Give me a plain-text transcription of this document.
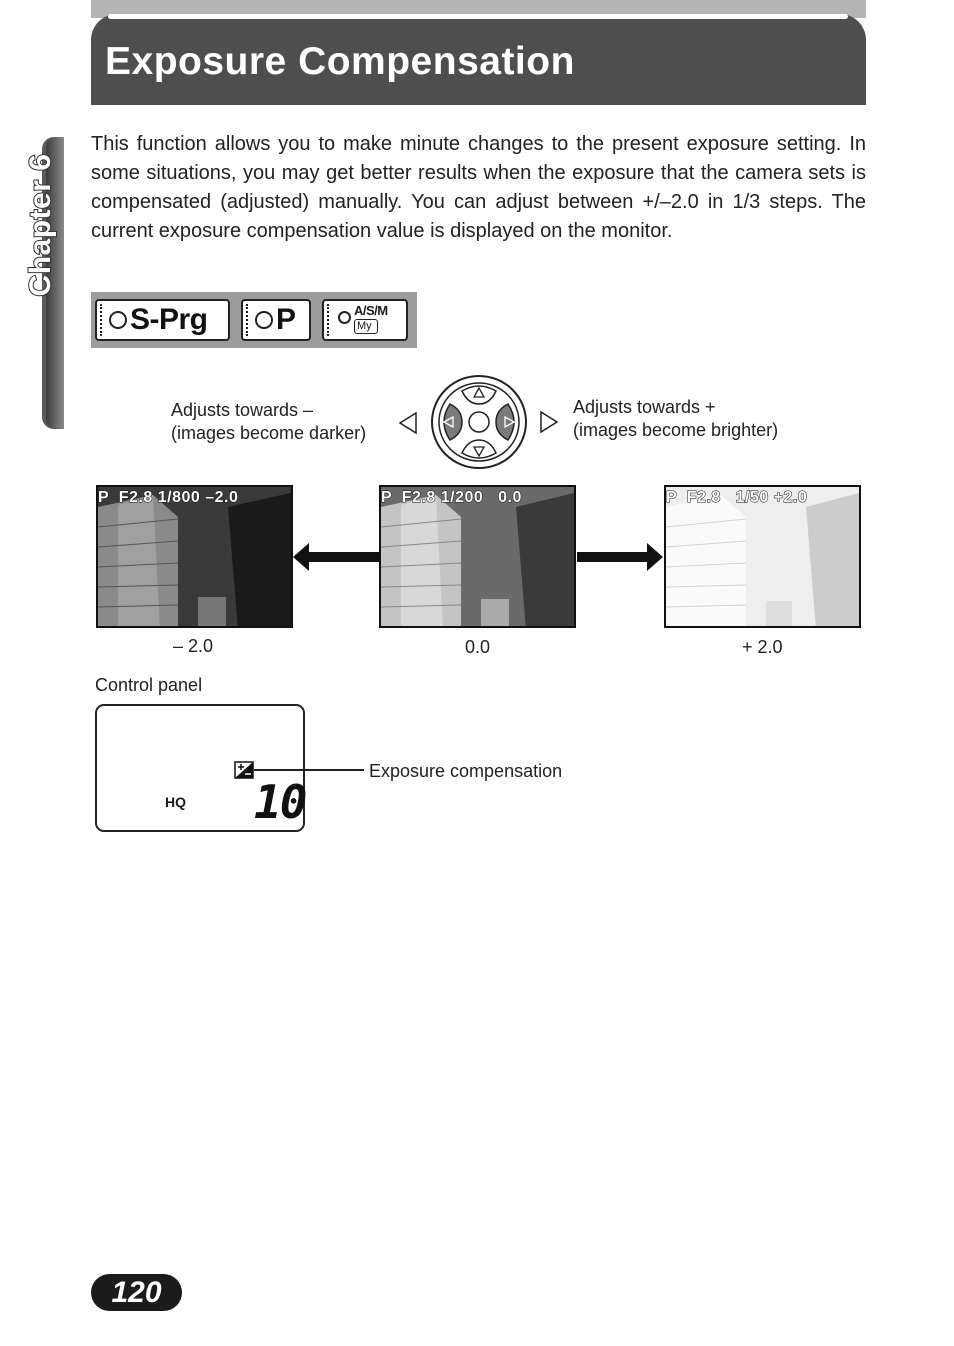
Exposure Compensation
Chapter 6
This function allows you to make minute changes to the present exposure setting. In some situations, you may get better results when the exposure that the camera sets is compensated (adjusted) manually. You can adjust between +/–2.0 in 1/3 steps. The current exposure compensation value is displayed on the monitor.
S-Prg P	A/S/M
My
Adjusts towards –
(images become darker)
Adjusts towards +
(images become brighter)
P  F2.8 1/800 –2.0	P  F2.8 1/200   0.0	P  F2.8   1/50 +2.0
– 2.0	0.0	+ 2.0
Control panel
Exposure compensation
HQ 10
120
